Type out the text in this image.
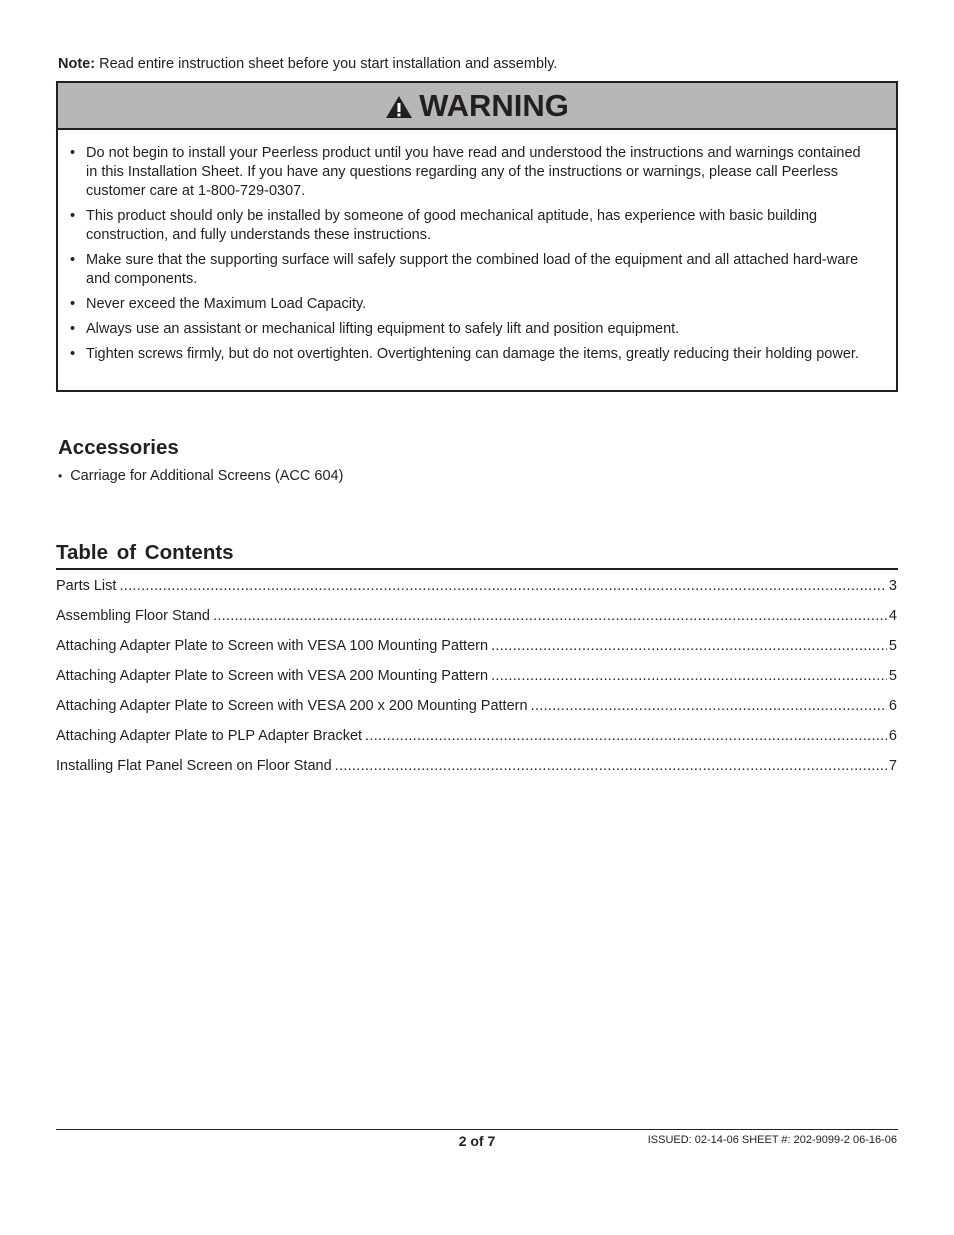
Note: Read entire instruction sheet before you start installation and assembly.
WARNING
• Do not begin to install your Peerless product until you have read and understood the instructions and warnings contained in this Installation Sheet. If you have any questions regarding any of the instructions or warnings, please call Peerless customer care at 1-800-729-0307.
• This product should only be installed by someone of good mechanical aptitude, has experience with basic building construction, and fully understands these instructions.
• Make sure that the supporting surface will safely support the combined load of the equipment and all attached hard-ware and components.
• Never exceed the Maximum Load Capacity.
• Always use an assistant or mechanical lifting equipment to safely lift and position equipment.
• Tighten screws firmly, but do not overtighten. Overtightening can damage the items, greatly reducing their holding power.
Accessories
• Carriage for Additional Screens (ACC 604)
Table of Contents
Parts List .....	3
Assembling Floor Stand .....	4
Attaching Adapter Plate to Screen with VESA 100 Mounting Pattern .....	5
Attaching Adapter Plate to Screen with VESA 200 Mounting Pattern .....	5
Attaching Adapter Plate to Screen with VESA 200 x 200 Mounting Pattern .....	6
Attaching Adapter Plate to PLP Adapter Bracket .....	6
Installing Flat Panel Screen on Floor Stand .....	7
2 of 7	ISSUED: 02-14-06 SHEET #: 202-9099-2 06-16-06
